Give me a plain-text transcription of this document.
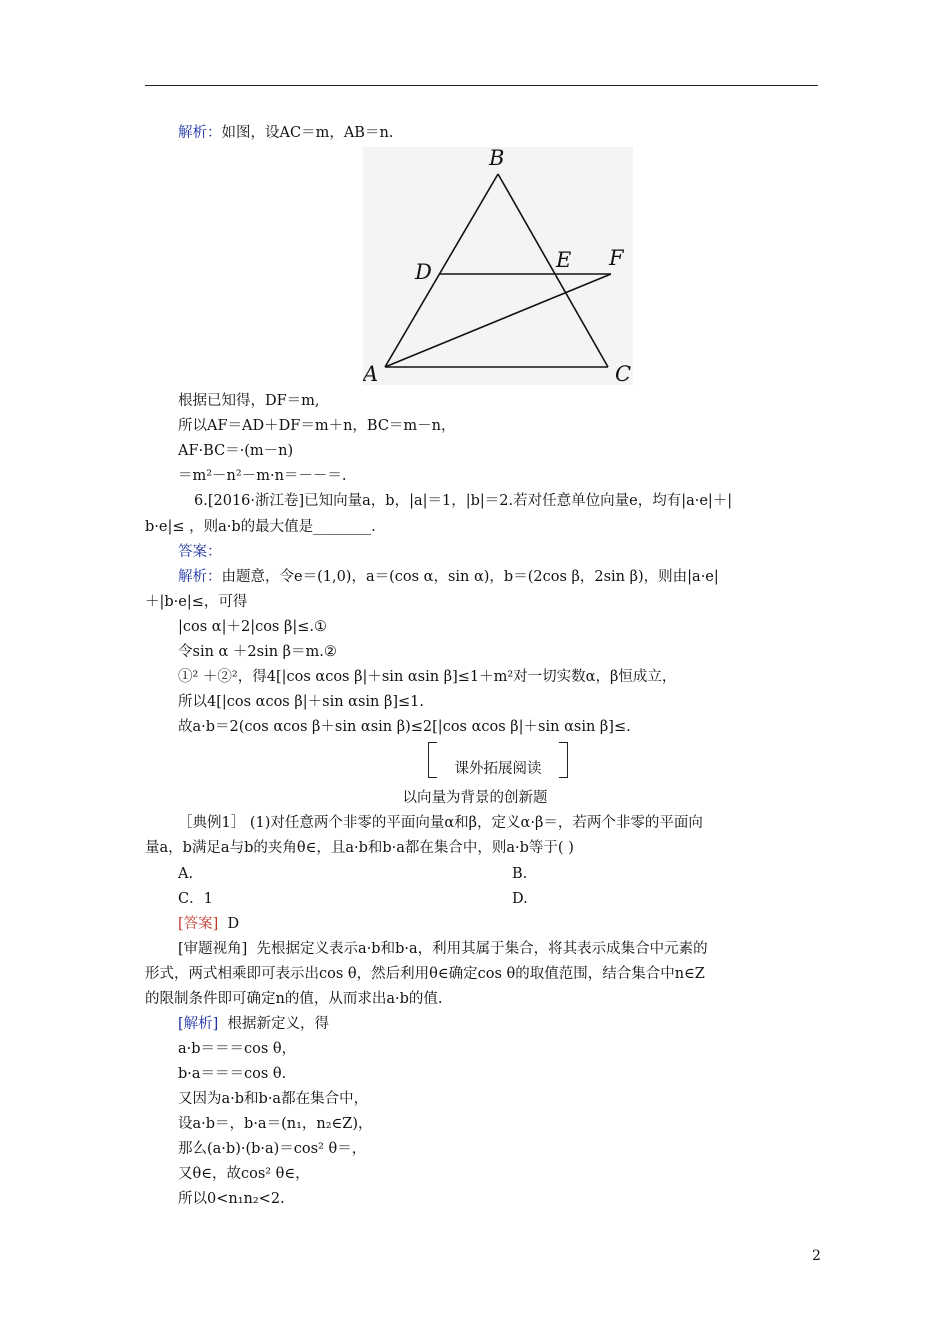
解析：如图，设AC＝m，AB＝n.
B
D	E F
A	C
根据已知得，DF＝m,
所以AF＝AD＋DF＝m＋n，BC＝m－n，
AF·BC＝·(m－n)
＝m²－n²－m·n＝－－＝.
6.[2016·浙江卷]已知向量a，b，|a|＝1，|b|＝2.若对任意单位向量e，均有|a·e|＋|
b·e|≤ ，则a·b的最大值是________.
答案：
解析：由题意，令e＝(1,0)，a＝(cos α，sin α)，b＝(2cos β，2sin β)，则由|a·e|
＋|b·e|≤，可得
|cos α|＋2|cos β|≤.①
令sin α ＋2sin β＝m.②
①² ＋②²，得4[|cos αcos β|＋sin αsin β]≤1＋m²对一切实数α，β恒成立，
所以4[|cos αcos β|＋sin αsin β]≤1.
故a·b＝2(cos αcos β＋sin αsin β)≤2[|cos αcos β|＋sin αsin β]≤.
课外拓展阅读
以向量为背景的创新题
［典例1］ (1)对任意两个非零的平面向量α和β，定义α·β＝，若两个非零的平面向
量a，b满足a与b的夹角θ∈，且a·b和b·a都在集合中，则a·b等于( )
A.	B.
C．1	D.
[答案] D
[审题视角] 先根据定义表示a·b和b·a，利用其属于集合，将其表示成集合中元素的
形式，两式相乘即可表示出cos θ，然后利用θ∈确定cos θ的取值范围，结合集合中n∈Z
的限制条件即可确定n的值，从而求出a·b的值.
[解析] 根据新定义，得
a·b＝＝＝cos θ，
b·a＝＝＝cos θ.
又因为a·b和b·a都在集合中，
设a·b＝，b·a＝(n₁，n₂∈Z)，
那么(a·b)·(b·a)＝cos² θ＝，
又θ∈，故cos² θ∈，
所以0<n₁n₂<2.
2
